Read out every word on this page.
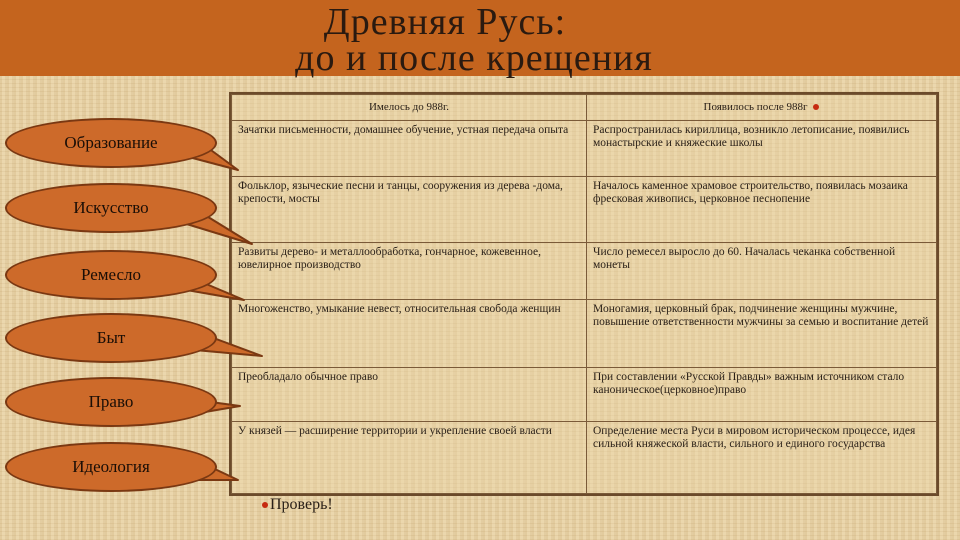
Древняя Русь:
до и после крещения
Имелось до 988г.	Появилось после 988г
Зачатки письменности, домашнее обучение, устная передача опыта	Распространилась кириллица, возникло летописание, появились монастырские и княжеские школы
Фольклор, языческие песни и танцы, сооружения из дерева -дома, крепости, мосты	Началось каменное храмовое строительство, появилась мозаика фресковая живопись, церковное песнопение
Развиты дерево- и металлообработка, гончарное, кожевенное, ювелирное производство	Число ремесел выросло до 60. Началась чеканка собственной монеты
Многоженство, умыкание невест, относительная свобода женщин	Моногамия, церковный брак, подчинение женщины мужчине, повышение ответственности мужчины за семью и воспитание детей
Преобладало обычное право	При составлении «Русской Правды» важным источником стало каноническое(церковное)право
У князей — расширение территории и укрепление своей власти	Определение места Руси в мировом историческом процессе, идея сильной княжеской власти, сильного и единого государства
Образование
Искусство
Ремесло
Быт
Право
Идеология
Проверь!
